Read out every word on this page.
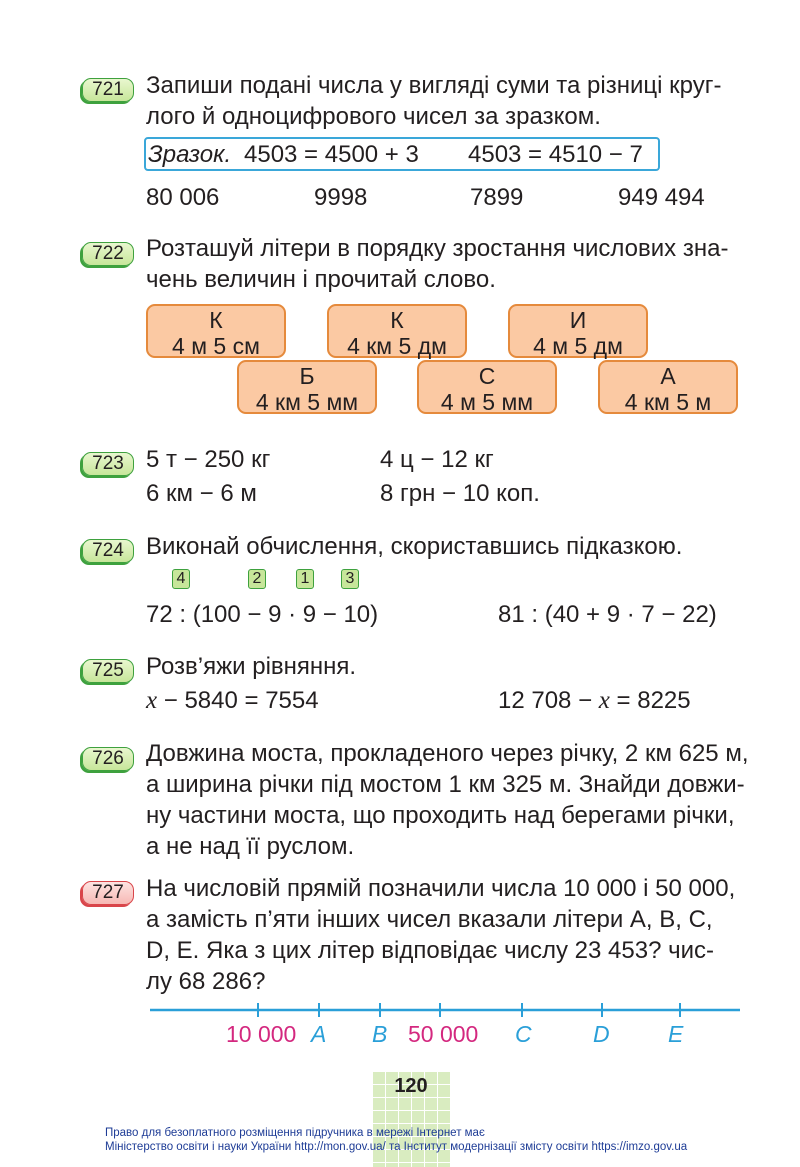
721 Запиши подані числа у вигляді суми та різниці круг-
лого й одноцифрового чисел за зразком.
Зразок. 4503 = 4500 + 3 4503 = 4510 − 7
80 006	9998	7899	949 494
722 Розташуй літери в порядку зростання числових зна-
чень величин і прочитай слово.
К
4 м 5 см
К
4 км 5 дм
И
4 м 5 дм
Б
4 км 5 мм
С
4 м 5 мм
А
4 км 5 м
723 5 т − 250 кг	4 ц − 12 кг
6 км − 6 м	8 грн − 10 коп.
724 Виконай обчислення, скориставшись підказкою.
4	2 1 3
72 : (100 − 9 · 9 − 10)	81 : (40 + 9 · 7 − 22)
725 Розв’яжи рівняння.
x − 5840 = 7554	12 708 − x = 8225
726 Довжина моста, прокладеного через річку, 2 км 625 м,
а ширина річки під мостом 1 км 325 м. Знайди довжи-
ну частини моста, що проходить над берегами річки,
а не над її руслом.
727 На числовій прямій позначили числа 10 000 і 50 000,
а замість п’яти інших чисел вказали літери А, В, С,
D, E. Яка з цих літер відповідає числу 23 453? чис-
лу 68 286?
10 000 A B 50 000 C	D	E
120
Право для безоплатного розміщення підручника в мережі Інтернет має
Міністерство освіти і науки України http://mon.gov.ua/ та Інститут модернізації змісту освіти https://imzo.gov.ua
